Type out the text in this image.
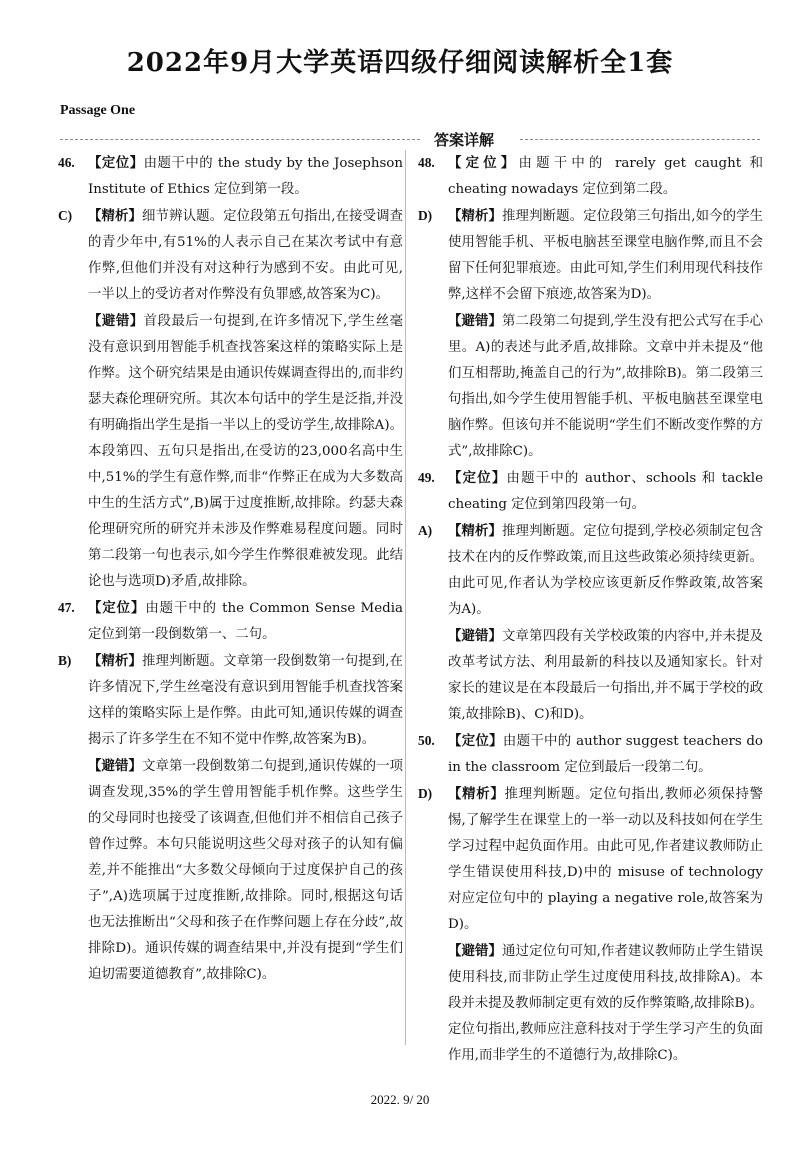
2022年9月大学英语四级仔细阅读解析全1套
Passage One
答案详解

46. 【定位】由题干中的 the study by the Josephson Institute of Ethics 定位到第一段。

C) 【精析】细节辨认题。定位段第五句指出,在接受调查的青少年中,有51%的人表示自己在某次考试中有意作弊,但他们并没有对这种行为感到不安。由此可见,一半以上的受访者对作弊没有负罪感,故答案为C)。

【避错】首段最后一句提到,在许多情况下,学生丝毫没有意识到用智能手机查找答案这样的策略实际上是作弊。这个研究结果是由通识传媒调查得出的,而非约瑟夫森伦理研究所。其次本句话中的学生是泛指,并没有明确指出学生是指一半以上的受访学生,故排除A)。本段第四、五句只是指出,在受访的23,000名高中生中,51%的学生有意作弊,而非“作弊正在成为大多数高中生的生活方式”,B)属于过度推断,故排除。约瑟夫森伦理研究所的研究并未涉及作弊难易程度问题。同时第二段第一句也表示,如今学生作弊很难被发现。此结论也与选项D)矛盾,故排除。

47. 【定位】由题干中的 the Common Sense Media 定位到第一段倒数第一、二句。

B) 【精析】推理判断题。文章第一段倒数第一句提到,在许多情况下,学生丝毫没有意识到用智能手机查找答案这样的策略实际上是作弊。由此可知,通识传媒的调查揭示了许多学生在不知不觉中作弊,故答案为B)。

【避错】文章第一段倒数第二句提到,通识传媒的一项调查发现,35%的学生曾用智能手机作弊。这些学生的父母同时也接受了该调查,但他们并不相信自己孩子曾作过弊。本句只能说明这些父母对孩子的认知有偏差,并不能推出“大多数父母倾向于过度保护自己的孩子”,A)选项属于过度推断,故排除。同时,根据这句话也无法推断出“父母和孩子在作弊问题上存在分歧”,故排除D)。通识传媒的调查结果中,并没有提到“学生们迫切需要道德教育”,故排除C)。

48. 【定位】由题干中的 rarely get caught 和 cheating nowadays 定位到第二段。

D) 【精析】推理判断题。定位段第三句指出,如今的学生使用智能手机、平板电脑甚至课堂电脑作弊,而且不会留下任何犯罪痕迹。由此可知,学生们利用现代科技作弊,这样不会留下痕迹,故答案为D)。

【避错】第二段第二句提到,学生没有把公式写在手心里。A)的表述与此矛盾,故排除。文章中并未提及“他们互相帮助,掩盖自己的行为”,故排除B)。第二段第三句指出,如今学生使用智能手机、平板电脑甚至课堂电脑作弊。但该句并不能说明“学生们不断改变作弊的方式”,故排除C)。

49. 【定位】由题干中的 author、schools 和 tackle cheating 定位到第四段第一句。

A) 【精析】推理判断题。定位句提到,学校必须制定包含技术在内的反作弊政策,而且这些政策必须持续更新。由此可见,作者认为学校应该更新反作弊政策,故答案为A)。

【避错】文章第四段有关学校政策的内容中,并未提及改革考试方法、利用最新的科技以及通知家长。针对家长的建议是在本段最后一句指出,并不属于学校的政策,故排除B)、C)和D)。

50. 【定位】由题干中的 author suggest teachers do in the classroom 定位到最后一段第二句。

D) 【精析】推理判断题。定位句指出,教师必须保持警惕,了解学生在课堂上的一举一动以及科技如何在学生学习过程中起负面作用。由此可见,作者建议教师防止学生错误使用科技,D)中的 misuse of technology 对应定位句中的 playing a negative role,故答案为D)。

【避错】通过定位句可知,作者建议教师防止学生错误使用科技,而非防止学生过度使用科技,故排除A)。本段并未提及教师制定更有效的反作弊策略,故排除B)。定位句指出,教师应注意科技对于学生学习产生的负面作用,而非学生的不道德行为,故排除C)。

2022. 9/ 20
